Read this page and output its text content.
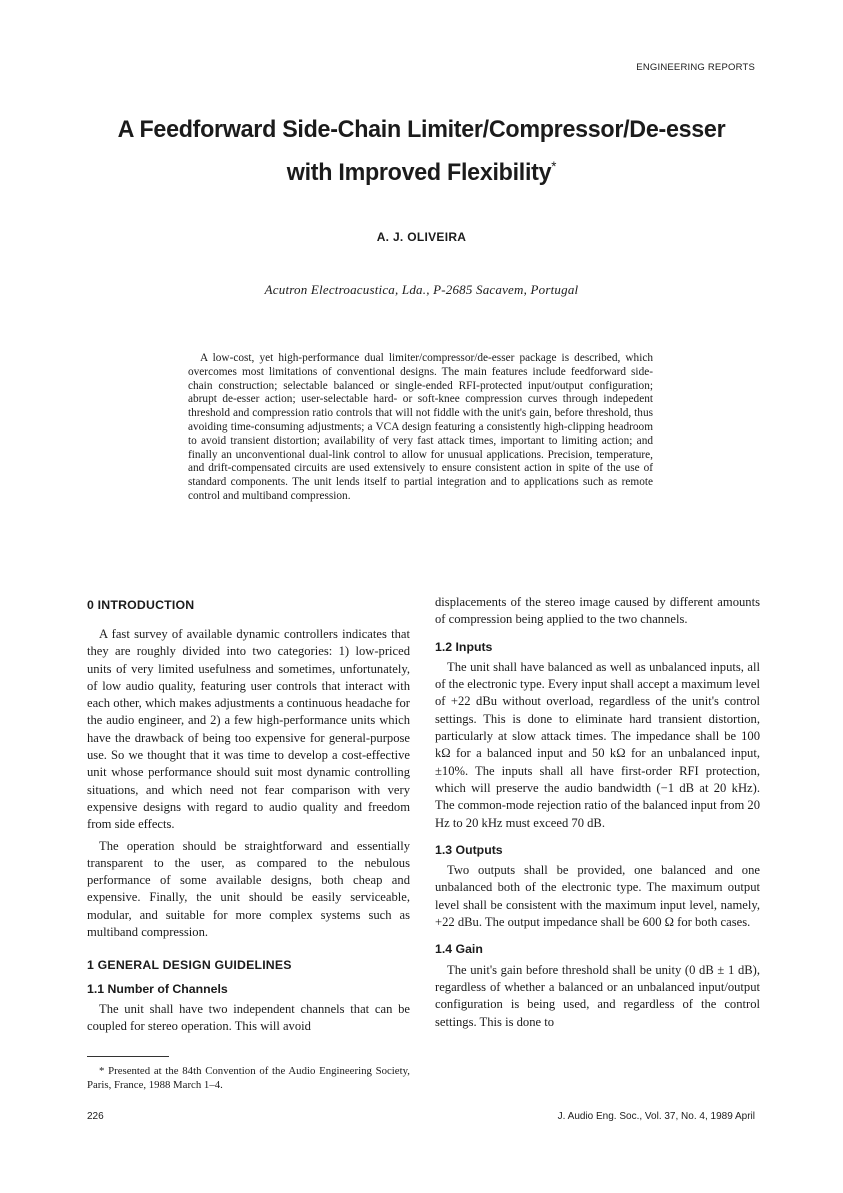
ENGINEERING REPORTS
A Feedforward Side-Chain Limiter/Compressor/De-esser
with Improved Flexibility*
A. J. OLIVEIRA
Acutron Electroacustica, Lda., P-2685 Sacavem, Portugal

A low-cost, yet high-performance dual limiter/compressor/de-esser package is described, which overcomes most limitations of conventional designs. The main features include feedforward side-chain construction; selectable balanced or single-ended RFI-protected input/output configuration; abrupt de-esser action; user-selectable hard- or soft-knee compression curves through indepedent threshold and compression ratio controls that will not fiddle with the unit's gain, before threshold, thus avoiding time-consuming adjustments; a VCA design featuring a consistently high-clipping headroom to avoid transient distortion; availability of very fast attack times, important to limiting action; and finally an unconventional dual-link control to allow for unusual applications. Precision, temperature, and drift-compensated circuits are used extensively to ensure consistent action in spite of the use of standard components. The unit lends itself to partial integration and to applications such as remote control and multiband compression.

0 INTRODUCTION

A fast survey of available dynamic controllers indicates that they are roughly divided into two categories: 1) low-priced units of very limited usefulness and sometimes, unfortunately, of low audio quality, featuring user controls that interact with each other, which makes adjustments a continuous headache for the audio engineer, and 2) a few high-performance units which have the drawback of being too expensive for general-purpose use. So we thought that it was time to develop a cost-effective unit whose performance should suit most dynamic controlling situations, and which need not fear comparison with very expensive designs with regard to audio quality and freedom from side effects.

The operation should be straightforward and essentially transparent to the user, as compared to the nebulous performance of some available designs, both cheap and expensive. Finally, the unit should be easily serviceable, modular, and suitable for more complex systems such as multiband compression.

1 GENERAL DESIGN GUIDELINES
1.1 Number of Channels

The unit shall have two independent channels that can be coupled for stereo operation. This will avoid

displacements of the stereo image caused by different amounts of compression being applied to the two channels.

1.2 Inputs

The unit shall have balanced as well as unbalanced inputs, all of the electronic type. Every input shall accept a maximum level of +22 dBu without overload, regardless of the unit's control settings. This is done to eliminate hard transient distortion, particularly at slow attack times. The impedance shall be 100 kΩ for a balanced input and 50 kΩ for an unbalanced input, ±10%. The inputs shall all have first-order RFI protection, which will preserve the audio bandwidth (−1 dB at 20 kHz). The common-mode rejection ratio of the balanced input from 20 Hz to 20 kHz must exceed 70 dB.

1.3 Outputs

Two outputs shall be provided, one balanced and one unbalanced both of the electronic type. The maximum output level shall be consistent with the maximum input level, namely, +22 dBu. The output impedance shall be 600 Ω for both cases.

1.4 Gain

The unit's gain before threshold shall be unity (0 dB ± 1 dB), regardless of whether a balanced or an unbalanced input/output configuration is being used, and regardless of the control settings. This is done to

* Presented at the 84th Convention of the Audio Engineering Society, Paris, France, 1988 March 1–4.

226	J. Audio Eng. Soc., Vol. 37, No. 4, 1989 April
